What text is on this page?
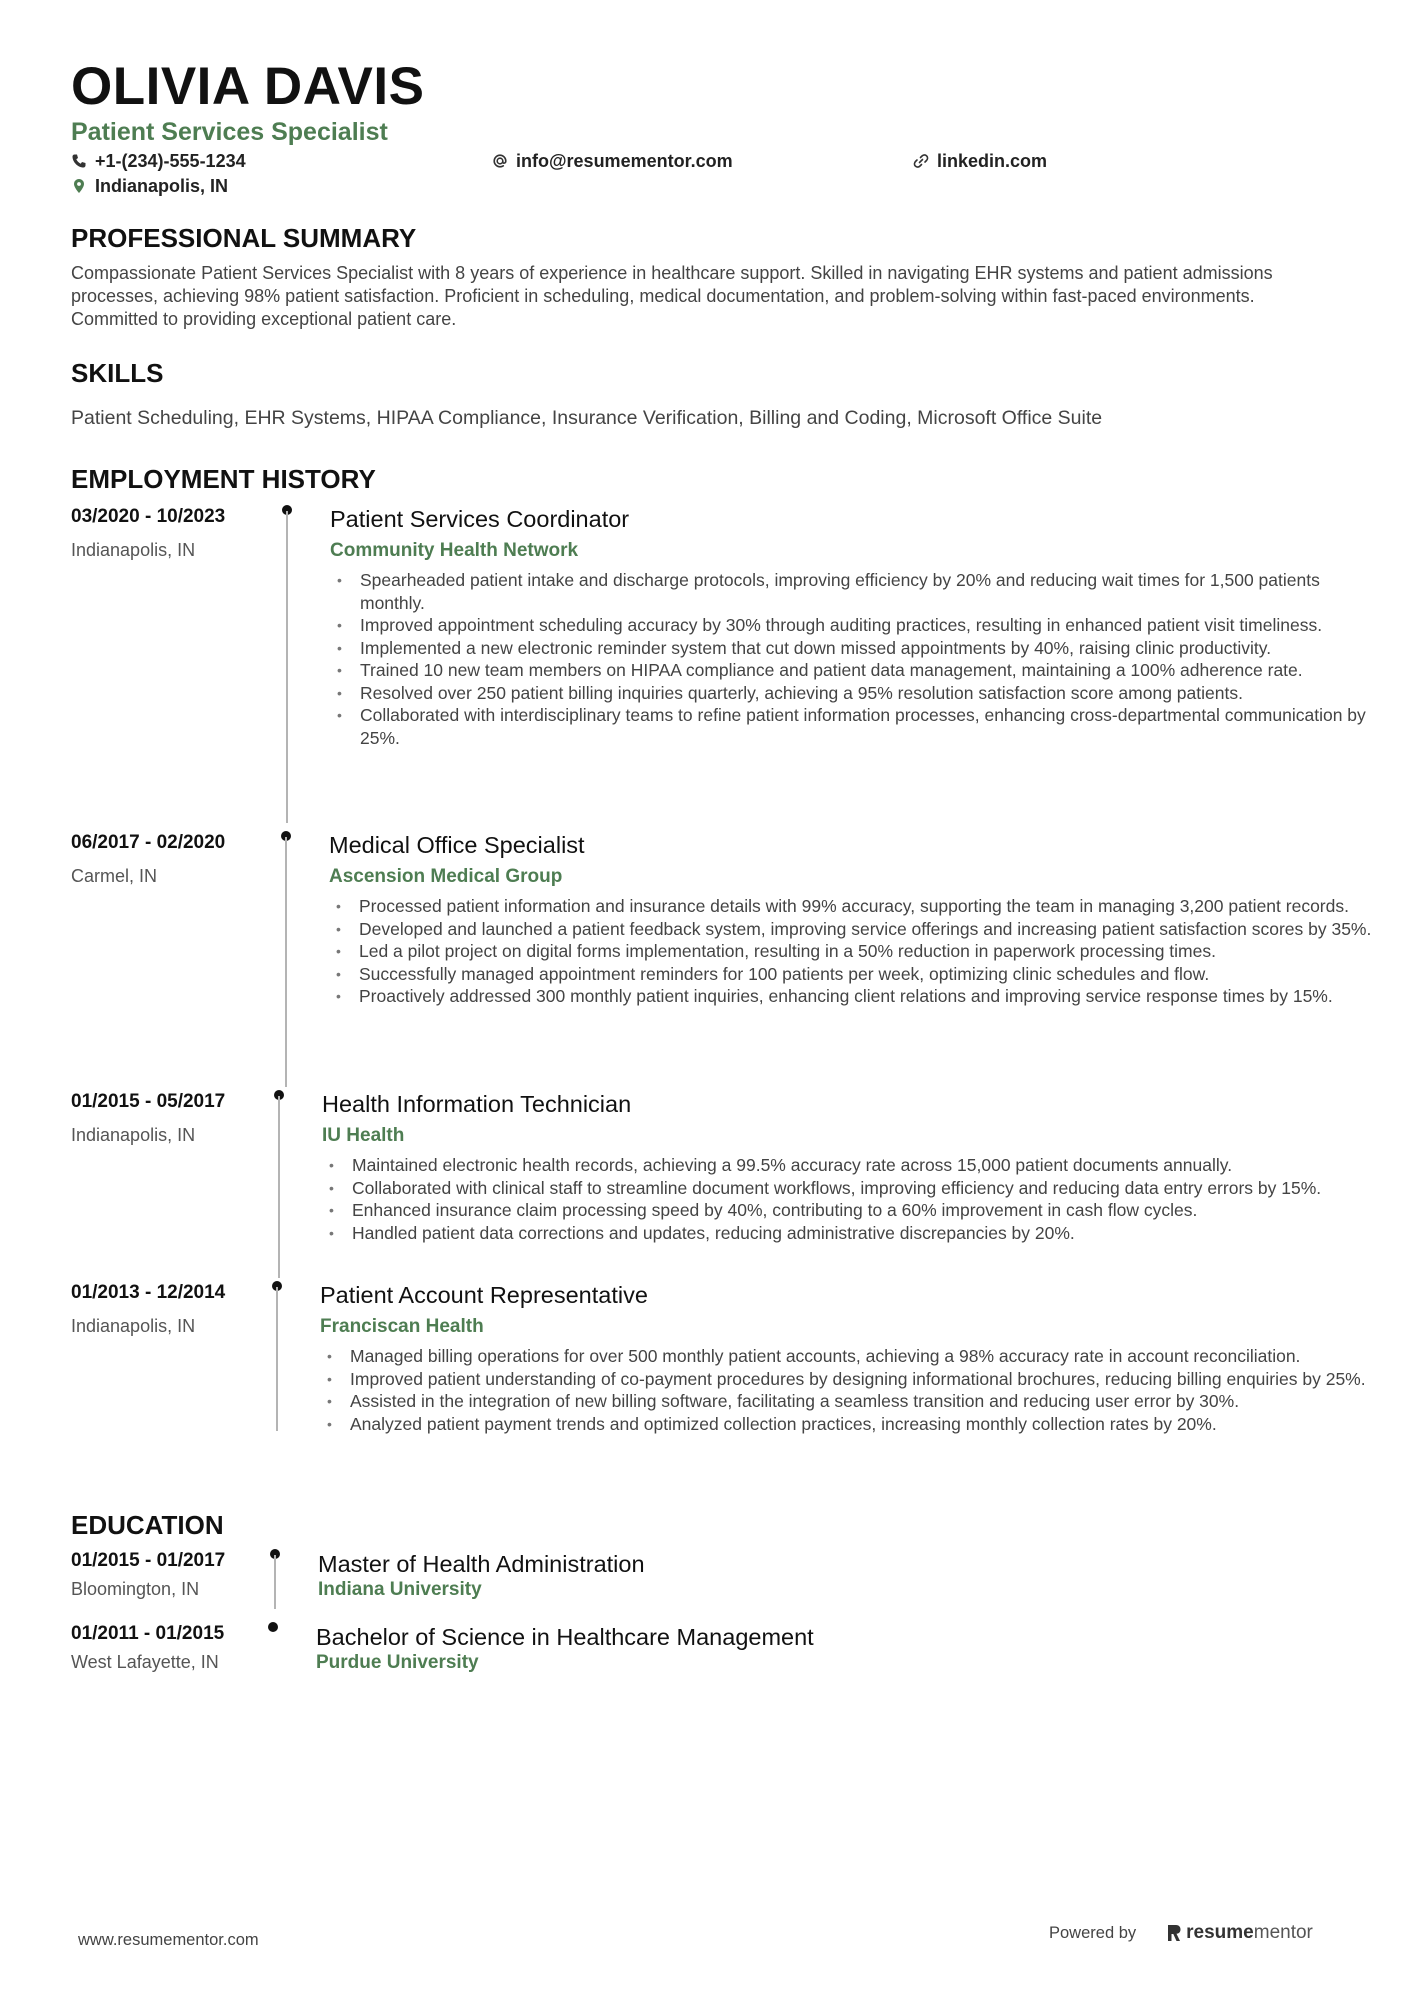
OLIVIA DAVIS
Patient Services Specialist
+1-(234)-555-1234	info@resumementor.com	linkedin.com
Indianapolis, IN
PROFESSIONAL SUMMARY

Compassionate Patient Services Specialist with 8 years of experience in healthcare support. Skilled in navigating EHR systems and patient admissions processes, achieving 98% patient satisfaction. Proficient in scheduling, medical documentation, and problem-solving within fast-paced environments. Committed to providing exceptional patient care.

SKILLS

Patient Scheduling, EHR Systems, HIPAA Compliance, Insurance Verification, Billing and Coding, Microsoft Office Suite

EMPLOYMENT HISTORY
03/2020 - 10/2023
Indianapolis, IN
Patient Services Coordinator
Community Health Network
• Spearheaded patient intake and discharge protocols, improving efficiency by 20% and reducing wait times for 1,500 patients monthly.
• Improved appointment scheduling accuracy by 30% through auditing practices, resulting in enhanced patient visit timeliness.
• Implemented a new electronic reminder system that cut down missed appointments by 40%, raising clinic productivity.
• Trained 10 new team members on HIPAA compliance and patient data management, maintaining a 100% adherence rate.
• Resolved over 250 patient billing inquiries quarterly, achieving a 95% resolution satisfaction score among patients.
• Collaborated with interdisciplinary teams to refine patient information processes, enhancing cross-departmental communication by 25%.
06/2017 - 02/2020
Carmel, IN
Medical Office Specialist
Ascension Medical Group
• Processed patient information and insurance details with 99% accuracy, supporting the team in managing 3,200 patient records.
• Developed and launched a patient feedback system, improving service offerings and increasing patient satisfaction scores by 35%.
• Led a pilot project on digital forms implementation, resulting in a 50% reduction in paperwork processing times.
• Successfully managed appointment reminders for 100 patients per week, optimizing clinic schedules and flow.
• Proactively addressed 300 monthly patient inquiries, enhancing client relations and improving service response times by 15%.
01/2015 - 05/2017
Indianapolis, IN
Health Information Technician
IU Health
• Maintained electronic health records, achieving a 99.5% accuracy rate across 15,000 patient documents annually.
• Collaborated with clinical staff to streamline document workflows, improving efficiency and reducing data entry errors by 15%.
• Enhanced insurance claim processing speed by 40%, contributing to a 60% improvement in cash flow cycles.
• Handled patient data corrections and updates, reducing administrative discrepancies by 20%.
01/2013 - 12/2014
Indianapolis, IN
Patient Account Representative
Franciscan Health
• Managed billing operations for over 500 monthly patient accounts, achieving a 98% accuracy rate in account reconciliation.
• Improved patient understanding of co-payment procedures by designing informational brochures, reducing billing enquiries by 25%.
• Assisted in the integration of new billing software, facilitating a seamless transition and reducing user error by 30%.
• Analyzed patient payment trends and optimized collection practices, increasing monthly collection rates by 20%.
EDUCATION
01/2015 - 01/2017
Bloomington, IN
Master of Health Administration
Indiana University
01/2011 - 01/2015
West Lafayette, IN
Bachelor of Science in Healthcare Management
Purdue University
www.resumementor.com	Powered by	resume mentor
